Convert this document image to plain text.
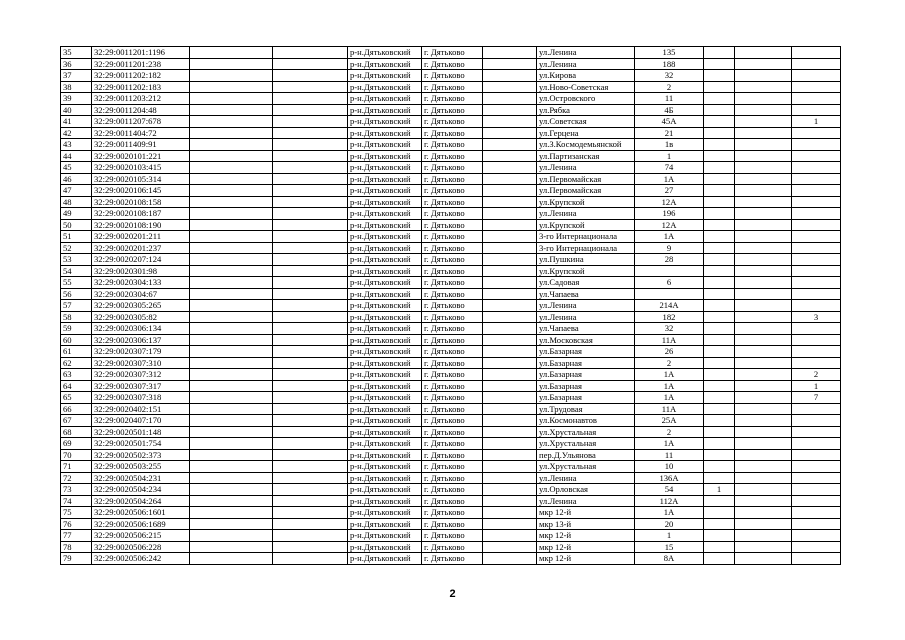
35	32:29:0011201:1196			р-н.Дятьковский	г. Дятьково		ул.Ленина	135			
36	32:29:0011201:238			р-н.Дятьковский	г. Дятьково		ул.Ленина	188			
37	32:29:0011202:182			р-н.Дятьковский	г. Дятьково		ул.Кирова	32			
38	32:29:0011202:183			р-н.Дятьковский	г. Дятьково		ул.Ново-Советская	2			
39	32:29:0011203:212			р-н.Дятьковский	г. Дятьково		ул.Островского	11			
40	32:29:0011204:48			р-н.Дятьковский	г. Дятьково		ул.Рябка	4Б			
41	32:29:0011207:678			р-н.Дятьковский	г. Дятьково		ул.Советская	45А			1
42	32:29:0011404:72			р-н.Дятьковский	г. Дятьково		ул.Герцена	21			
43	32:29:0011409:91			р-н.Дятьковский	г. Дятьково		ул.З.Космодемьянской	1в			
44	32:29:0020101:221			р-н.Дятьковский	г. Дятьково		ул.Партизанская	1			
45	32:29:0020103:415			р-н.Дятьковский	г. Дятьково		ул.Ленина	74			
46	32:29:0020105:314			р-н.Дятьковский	г. Дятьково		ул.Первомайская	1А			
47	32:29:0020106:145			р-н.Дятьковский	г. Дятьково		ул.Первомайская	27			
48	32:29:0020108:158			р-н.Дятьковский	г. Дятьково		ул.Крупской	12А			
49	32:29:0020108:187			р-н.Дятьковский	г. Дятьково		ул.Ленина	196			
50	32:29:0020108:190			р-н.Дятьковский	г. Дятьково		ул.Крупской	12А			
51	32:29:0020201:211			р-н.Дятьковский	г. Дятьково		3-го Интернационала	1А			
52	32:29:0020201:237			р-н.Дятьковский	г. Дятьково		3-го Интернационала	9			
53	32:29:0020207:124			р-н.Дятьковский	г. Дятьково		ул.Пушкина	28			
54	32:29:0020301:98			р-н.Дятьковский	г. Дятьково		ул.Крупской				
55	32:29:0020304:133			р-н.Дятьковский	г. Дятьково		ул.Садовая	6			
56	32:29:0020304:67			р-н.Дятьковский	г. Дятьково		ул.Чапаева				
57	32:29:0020305:265			р-н.Дятьковский	г. Дятьково		ул.Ленина	214А			
58	32:29:0020305:82			р-н.Дятьковский	г. Дятьково		ул.Ленина	182			3
59	32:29:0020306:134			р-н.Дятьковский	г. Дятьково		ул.Чапаева	32			
60	32:29:0020306:137			р-н.Дятьковский	г. Дятьково		ул.Московская	11А			
61	32:29:0020307:179			р-н.Дятьковский	г. Дятьково		ул.Базарная	26			
62	32:29:0020307:310			р-н.Дятьковский	г. Дятьково		ул.Базарная	2			
63	32:29:0020307:312			р-н.Дятьковский	г. Дятьково		ул.Базарная	1А			2
64	32:29:0020307:317			р-н.Дятьковский	г. Дятьково		ул.Базарная	1А			1
65	32:29:0020307:318			р-н.Дятьковский	г. Дятьково		ул.Базарная	1А			7
66	32:29:0020402:151			р-н.Дятьковский	г. Дятьково		ул.Трудовая	11А			
67	32:29:0020407:170			р-н.Дятьковский	г. Дятьково		ул.Космонавтов	25А			
68	32:29:0020501:148			р-н.Дятьковский	г. Дятьково		ул.Хрустальная	2			
69	32:29:0020501:754			р-н.Дятьковский	г. Дятьково		ул.Хрустальная	1А			
70	32:29:0020502:373			р-н.Дятьковский	г. Дятьково		пер.Д.Ульянова	11			
71	32:29:0020503:255			р-н.Дятьковский	г. Дятьково		ул.Хрустальная	10			
72	32:29:0020504:231			р-н.Дятьковский	г. Дятьково		ул.Ленина	136А			
73	32:29:0020504:234			р-н.Дятьковский	г. Дятьково		ул.Орловская	54	1		
74	32:29:0020504:264			р-н.Дятьковский	г. Дятьково		ул.Ленина	112А			
75	32:29:0020506:1601			р-н.Дятьковский	г. Дятьково		мкр 12-й	1А			
76	32:29:0020506:1689			р-н.Дятьковский	г. Дятьково		мкр 13-й	20			
77	32:29:0020506:215			р-н.Дятьковский	г. Дятьково		мкр 12-й	1			
78	32:29:0020506:228			р-н.Дятьковский	г. Дятьково		мкр 12-й	15			
79	32:29:0020506:242			р-н.Дятьковский	г. Дятьково		мкр 12-й	8А			
2
